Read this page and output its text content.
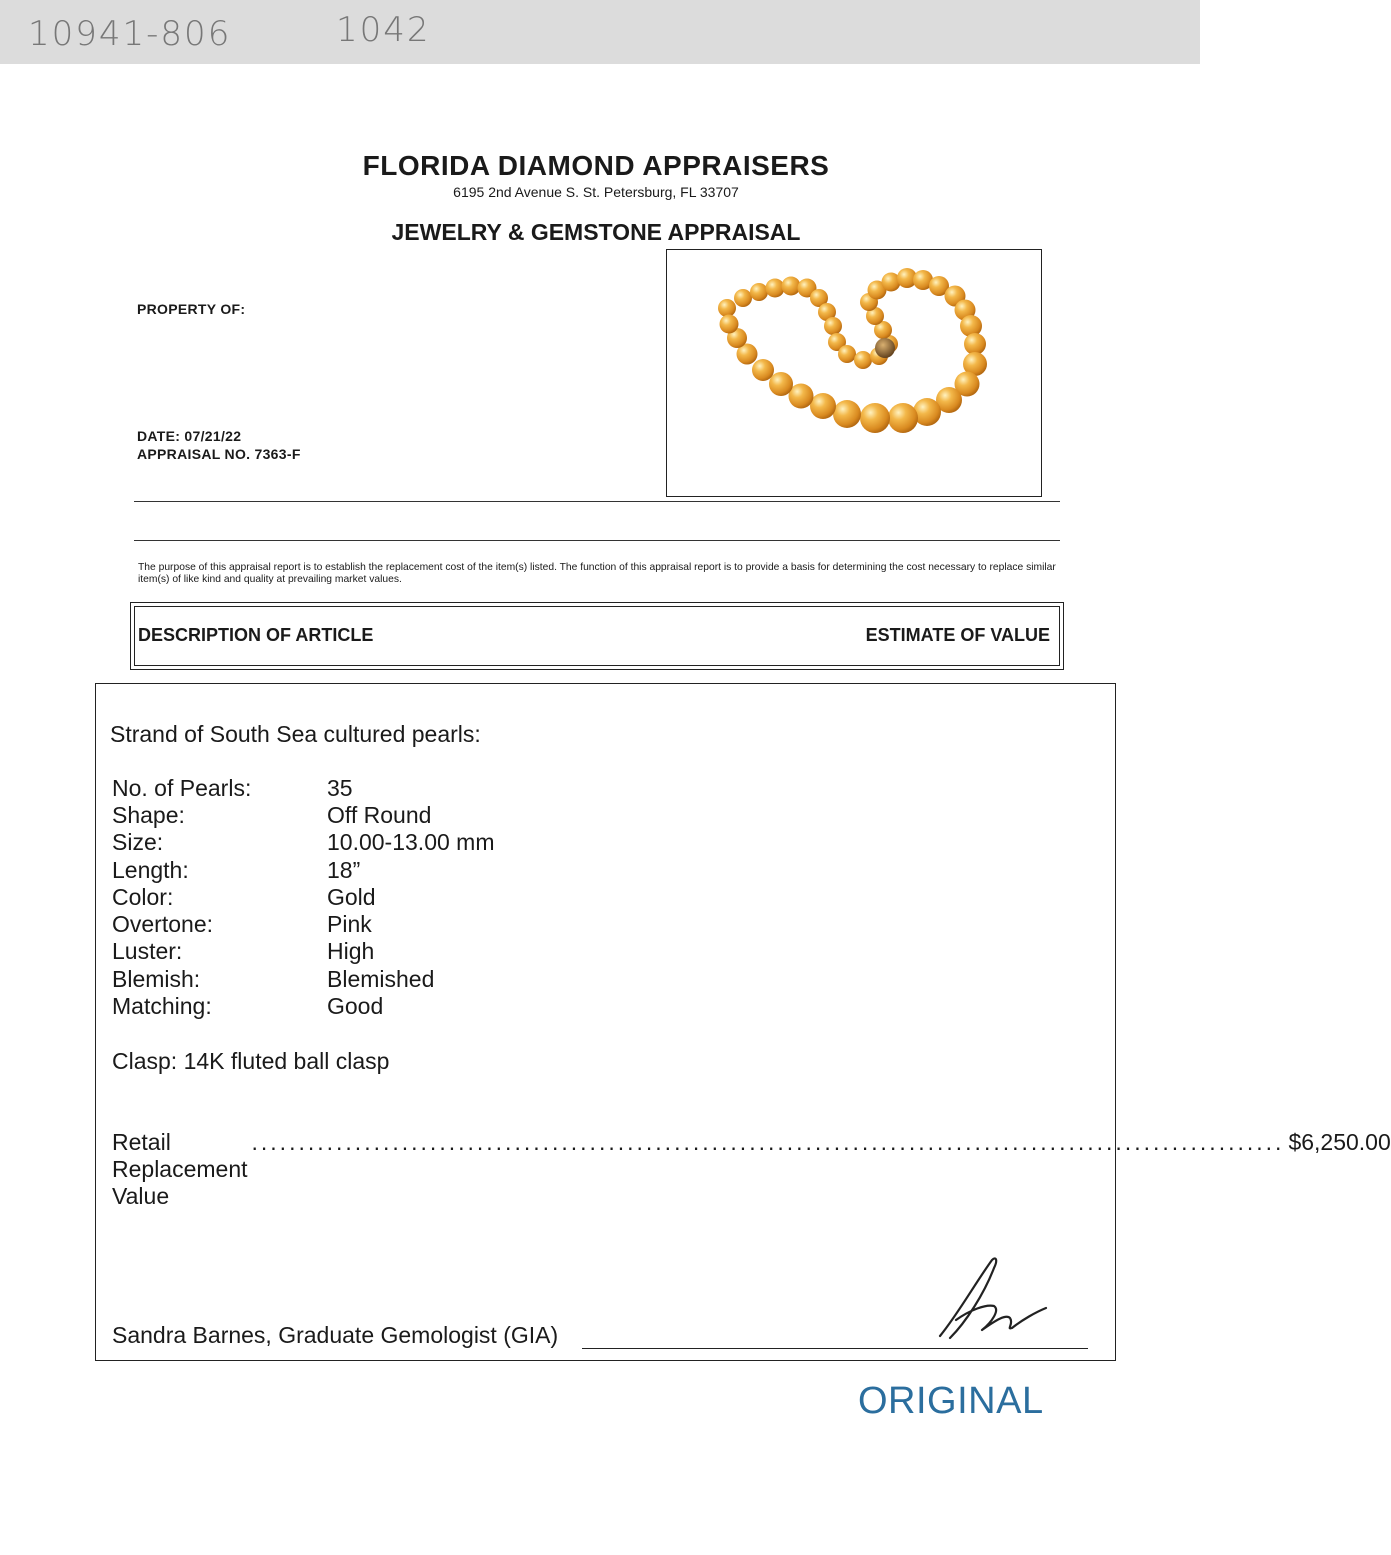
10941-806	1042
FLORIDA DIAMOND APPRAISERS
6195 2nd Avenue S. St. Petersburg, FL 33707
JEWELRY & GEMSTONE APPRAISAL
PROPERTY OF:
DATE: 07/21/22
APPRAISAL NO. 7363-F
The purpose of this appraisal report is to establish the replacement cost of the item(s) listed. The function of this appraisal report is to provide a basis for determining the cost necessary to replace similar item(s) of like kind and quality at prevailing market values.
DESCRIPTION OF ARTICLE	ESTIMATE OF VALUE
Strand of South Sea cultured pearls:
No. of Pearls:	35
Shape:	Off Round
Size:	10.00-13.00 mm
Length:	18”
Color:	Gold
Overtone:	Pink
Luster:	High
Blemish:	Blemished
Matching:	Good
Clasp: 14K fluted ball clasp
Retail Replacement Value
.............................................................................................................. $6,250.00
Sandra Barnes, Graduate Gemologist (GIA)
ORIGINAL
